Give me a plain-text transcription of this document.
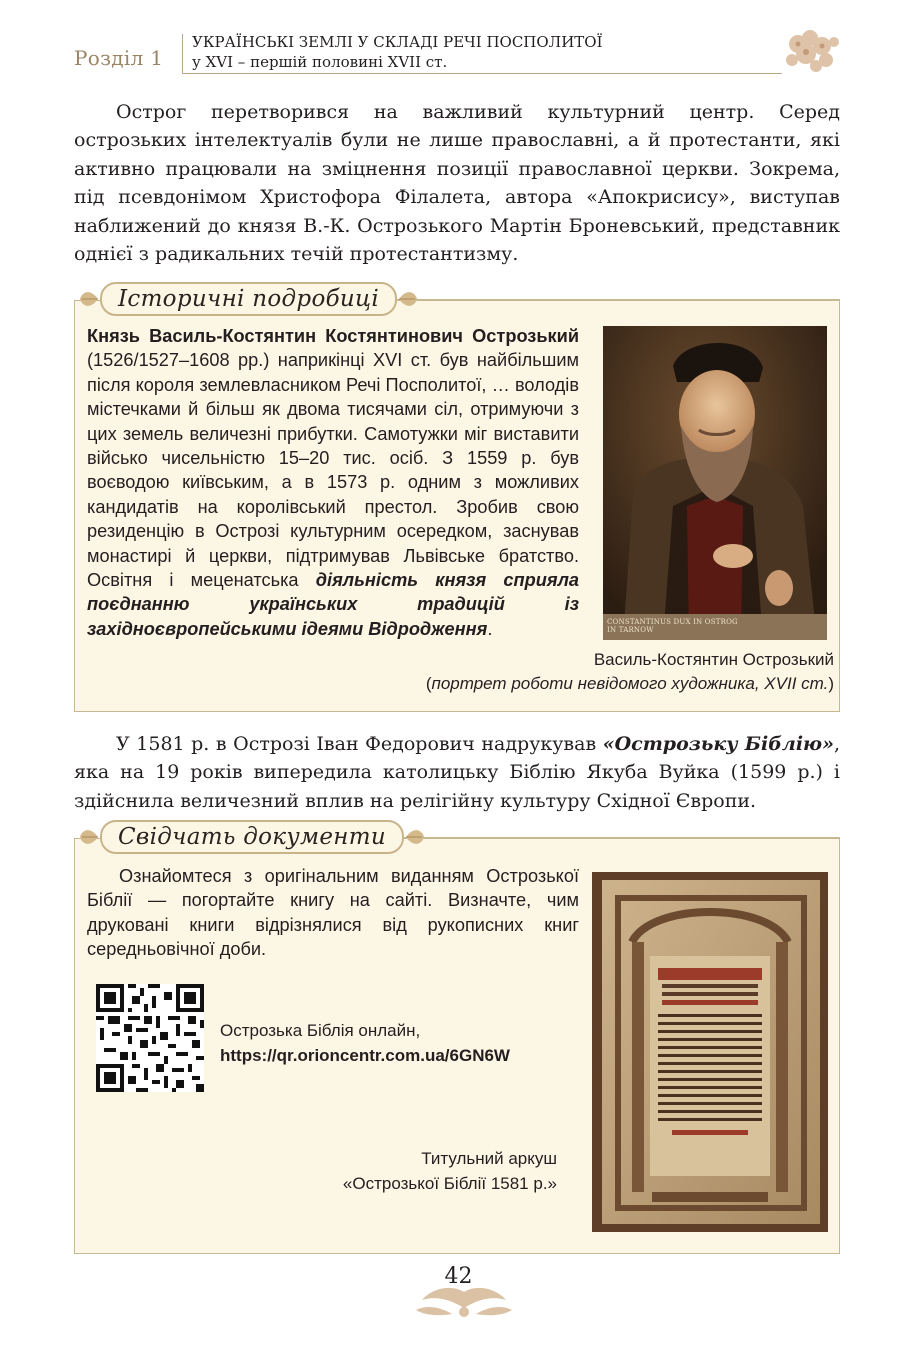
Розділ 1
УКРАЇНСЬКІ ЗЕМЛІ У СКЛАДІ РЕЧІ ПОСПОЛИТОЇ
у XVI – першій половині XVII ст.
Острог перетворився на важливий культурний центр. Серед острозьких інтелектуалів були не лише православні, а й протестанти, які активно працювали на зміцнення позиції православної церкви. Зокрема, під псевдонімом Христофора Філалета, автора «Апокрисису», виступав наближений до князя В.-К. Острозького Мартін Броневський, представник однієї з радикальних течій протестантизму.
Історичні подробиці
Князь Василь-Костянтин Костянтинович Острозький (1526/1527–1608 рр.) наприкінці XVI ст. був найбільшим після короля землевласником Речі Посполитої, … володів містечками й більш як двома тисячами сіл, отримуючи з цих земель величезні прибутки. Самотужки міг виставити військо чисельністю 15–20 тис. осіб. З 1559 р. був воєводою київським, а в 1573 р. одним з можливих кандидатів на королівський престол. Зробив свою резиденцію в Острозі культурним осередком, заснував монастирі й церкви, підтримував Львівське братство. Освітня і меценатська діяльність князя сприяла поєднанню українських традицій із західноєвропейськими ідеями Відродження.	CONSTANTINUS DUX IN OSTROG
IN TARNOW
Василь-Костянтин Острозький
(портрет роботи невідомого художника, XVII ст.)
У 1581 р. в Острозі Іван Федорович надрукував «Острозьку Біблію», яка на 19 років випередила католицьку Біблію Якуба Вуйка (1599 р.) і здійснила величезний вплив на релігійну культуру Східної Європи.
Свідчать документи
Ознайомтеся з оригінальним виданням Острозької Біблії — погортайте книгу на сайті. Визначте, чим друковані книги відрізнялися від рукописних книг середньовічної доби.
Острозька Біблія онлайн,
https://qr.orioncentr.com.ua/6GN6W
Титульний аркуш
«Острозької Біблії 1581 р.»
42
